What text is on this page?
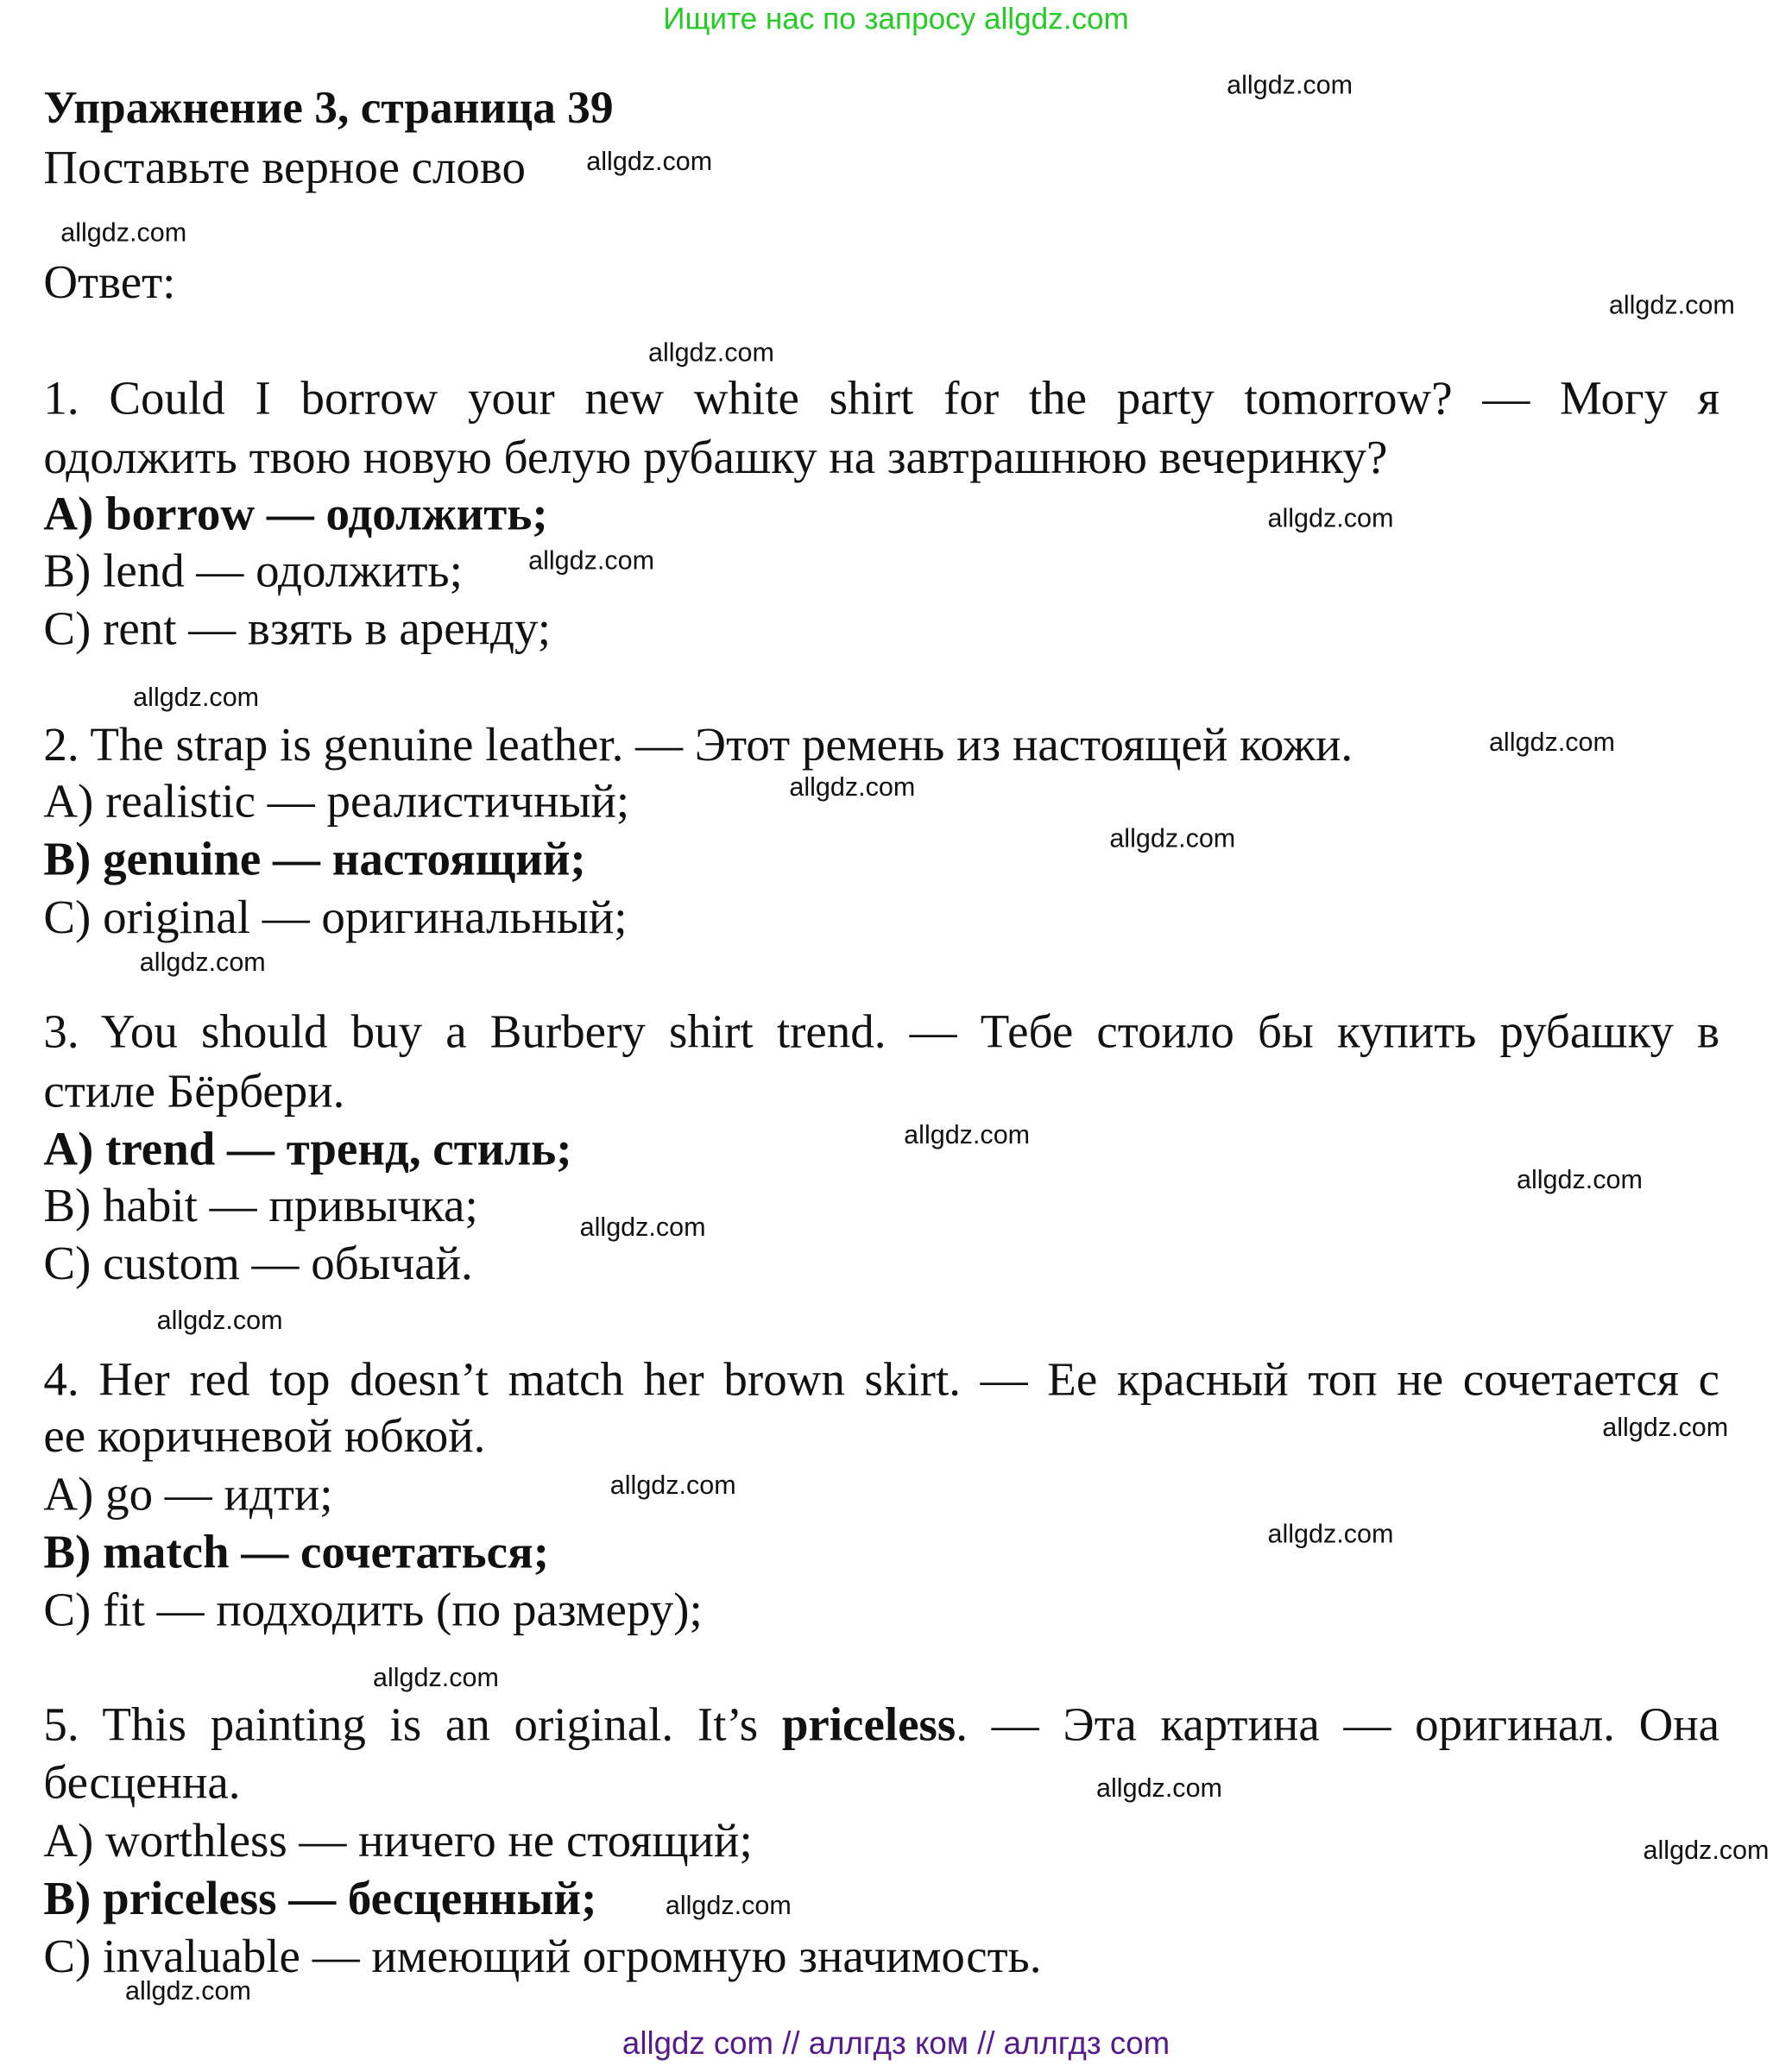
Ищите нас по запросу allgdz.com
Упражнение 3, страница 39
Поставьте верное слово
Ответ:
1. Could I borrow your new white shirt for the party tomorrow? — Могу я
одолжить твою новую белую рубашку на завтрашнюю вечеринку?
A) borrow — одолжить;
B) lend — одолжить;
C) rent — взять в аренду;
2. The strap is genuine leather. — Этот ремень из настоящей кожи.
A) realistic — реалистичный;
B) genuine — настоящий;
C) original — оригинальный;
3. You should buy a Burbery shirt trend. — Тебе стоило бы купить рубашку в
стиле Бёрбери.
A) trend — тренд, стиль;
B) habit — привычка;
C) custom — обычай.
4. Her red top doesn’t match her brown skirt. — Ее красный топ не сочетается с
ее коричневой юбкой.
A) go — идти;
B) match — сочетаться;
C) fit — подходить (по размеру);
5. This painting is an original. It’s priceless. — Эта картина — оригинал. Она
бесценна.
A) worthless — ничего не стоящий;
B) priceless — бесценный;
C) invaluable — имеющий огромную значимость.
allgdz.com
allgdz.com
allgdz.com
allgdz.com
allgdz.com
allgdz.com
allgdz.com
allgdz.com
allgdz.com
allgdz.com
allgdz.com
allgdz.com
allgdz.com
allgdz.com
allgdz.com
allgdz.com
allgdz.com
allgdz.com
allgdz.com
allgdz.com
allgdz.com
allgdz.com
allgdz.com
allgdz.com
allgdz com // аллгдз ком // аллгдз com
